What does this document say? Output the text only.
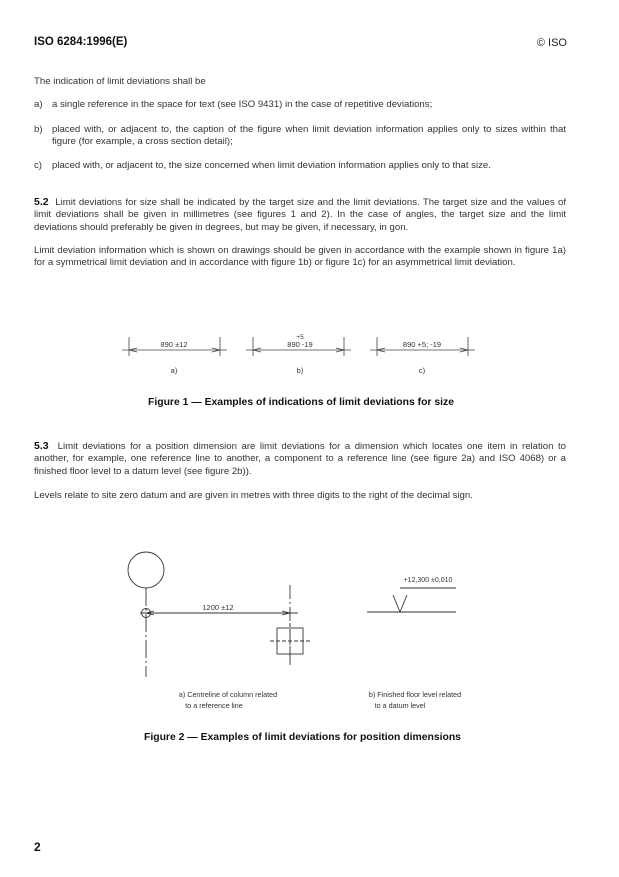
ISO 6284:1996(E)	© ISO
The indication of limit deviations shall be
a) a single reference in the space for text (see ISO 9431) in the case of repetitive deviations;
b) placed with, or adjacent to, the caption of the figure when limit deviation information applies only to sizes within that figure (for example, a cross section detail);
c) placed with, or adjacent to, the size concerned when limit deviation information applies only to that size.
5.2 Limit deviations for size shall be indicated by the target size and the limit deviations. The target size and the values of limit deviations shall be given in millimetres (see figures 1 and 2). In the case of angles, the target size and the limit deviations should preferably be given in degrees, but may be given, if necessary, in gon.
Limit deviation information which is shown on drawings should be given in accordance with the example shown in figure 1a) for a symmetrical limit deviation and in accordance with figure 1b) or figure 1c) for an asymmetrical limit deviation.
890 ±12
a)
+5
890 -19
b)
890 +5; -19
c)
Figure 1 — Examples of indications of limit deviations for size
5.3 Limit deviations for a position dimension are limit deviations for a dimension which locates one item in relation to another, for example, one reference line to another, a component to a reference line (see figure 2a) and ISO 4068) or a finished floor level to a datum level (see figure 2b)).
Levels relate to site zero datum and are given in metres with three digits to the right of the decimal sign.
1200 ±12
+12,300 ±0,010
a) Centreline of column related
to a reference line
b) Finished floor level related
to a datum level
Figure 2 — Examples of limit deviations for position dimensions
2
